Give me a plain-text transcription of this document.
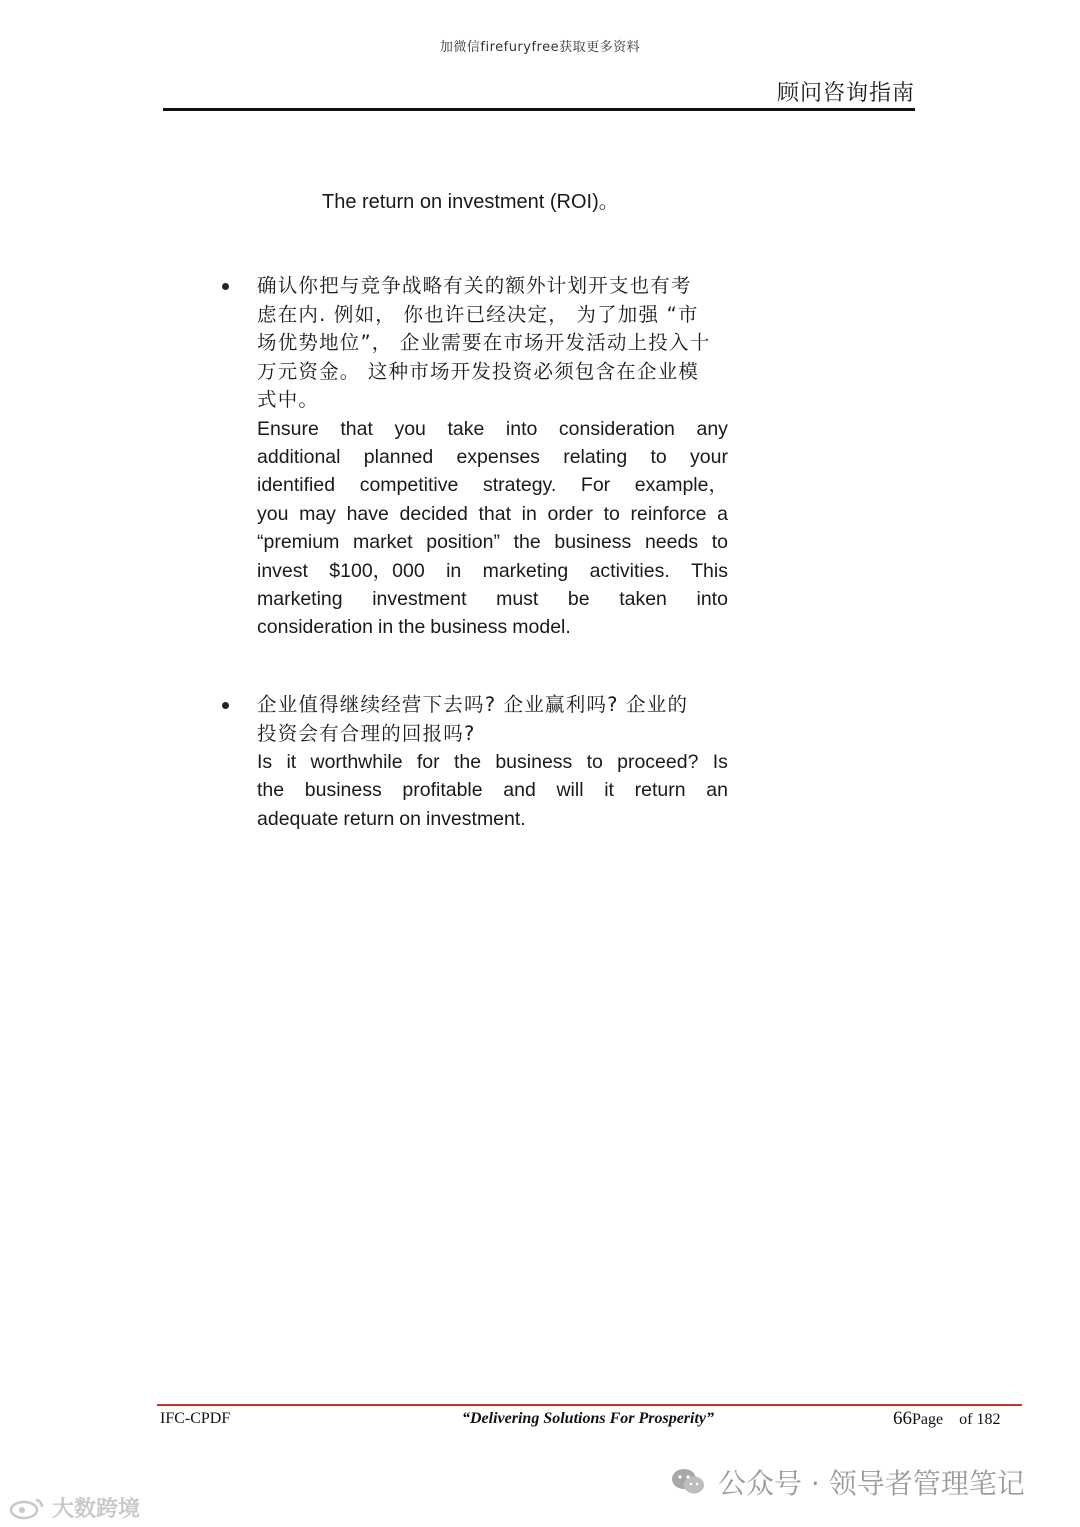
加微信firefuryfree获取更多资料
顾问咨询指南
The return on investment (ROI)。
确认你把与竞争战略有关的额外计划开支也有考
虑在内. 例如， 你也许已经决定， 为了加强 “市
场优势地位”， 企业需要在市场开发活动上投入十
万元资金。 这种市场开发投资必须包含在企业模
式中。
Ensure that you take into consideration any
additional planned expenses relating to your
identified competitive strategy. For example，
you may have decided that in order to reinforce a
“premium market position” the business needs to
invest $100，000 in marketing activities. This
marketing investment must be taken into
consideration in the business model.
企业值得继续经营下去吗? 企业赢利吗? 企业的
投资会有合理的回报吗?
Is it worthwhile for the business to proceed? Is
the business profitable and will it return an
adequate return on investment.
IFC-CPDF	“Delivering Solutions For Prosperity”	66Page of 182
公众号 · 领导者管理笔记
大数跨境
